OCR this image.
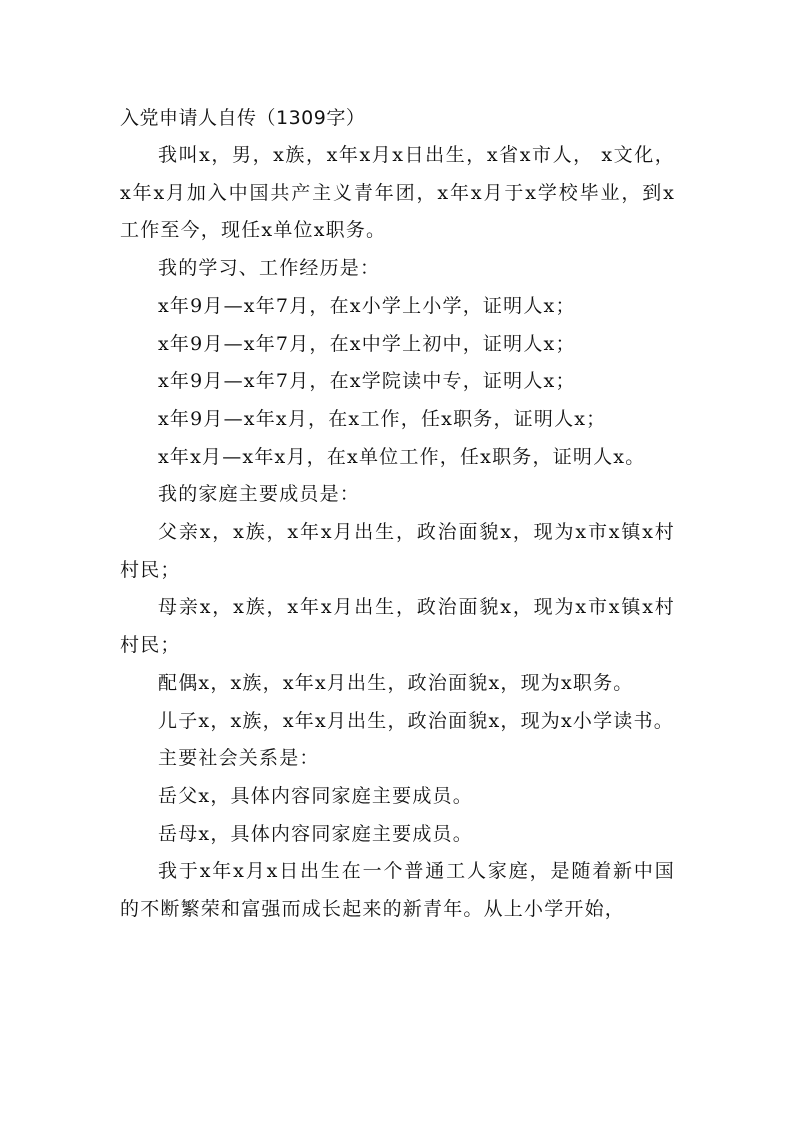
入党申请人自传（1309字）

我叫x，男，x族，x年x月x日出生，x省x市人， x文化，x年x月加入中国共产主义青年团，x年x月于x学校毕业，到x工作至今，现任x单位x职务。

我的学习、工作经历是：

x年9月—x年7月，在x小学上小学，证明人x；

x年9月—x年7月，在x中学上初中，证明人x；

x年9月—x年7月，在x学院读中专，证明人x；

x年9月—x年x月，在x工作，任x职务，证明人x；

x年x月—x年x月，在x单位工作，任x职务，证明人x。

我的家庭主要成员是：

父亲x，x族，x年x月出生，政治面貌x，现为x市x镇x村村民；

母亲x，x族，x年x月出生，政治面貌x，现为x市x镇x村村民；

配偶x，x族，x年x月出生，政治面貌x，现为x职务。

儿子x，x族，x年x月出生，政治面貌x，现为x小学读书。

主要社会关系是：

岳父x，具体内容同家庭主要成员。

岳母x，具体内容同家庭主要成员。

我于x年x月x日出生在一个普通工人家庭，是随着新中国的不断繁荣和富强而成长起来的新青年。从上小学开始，
